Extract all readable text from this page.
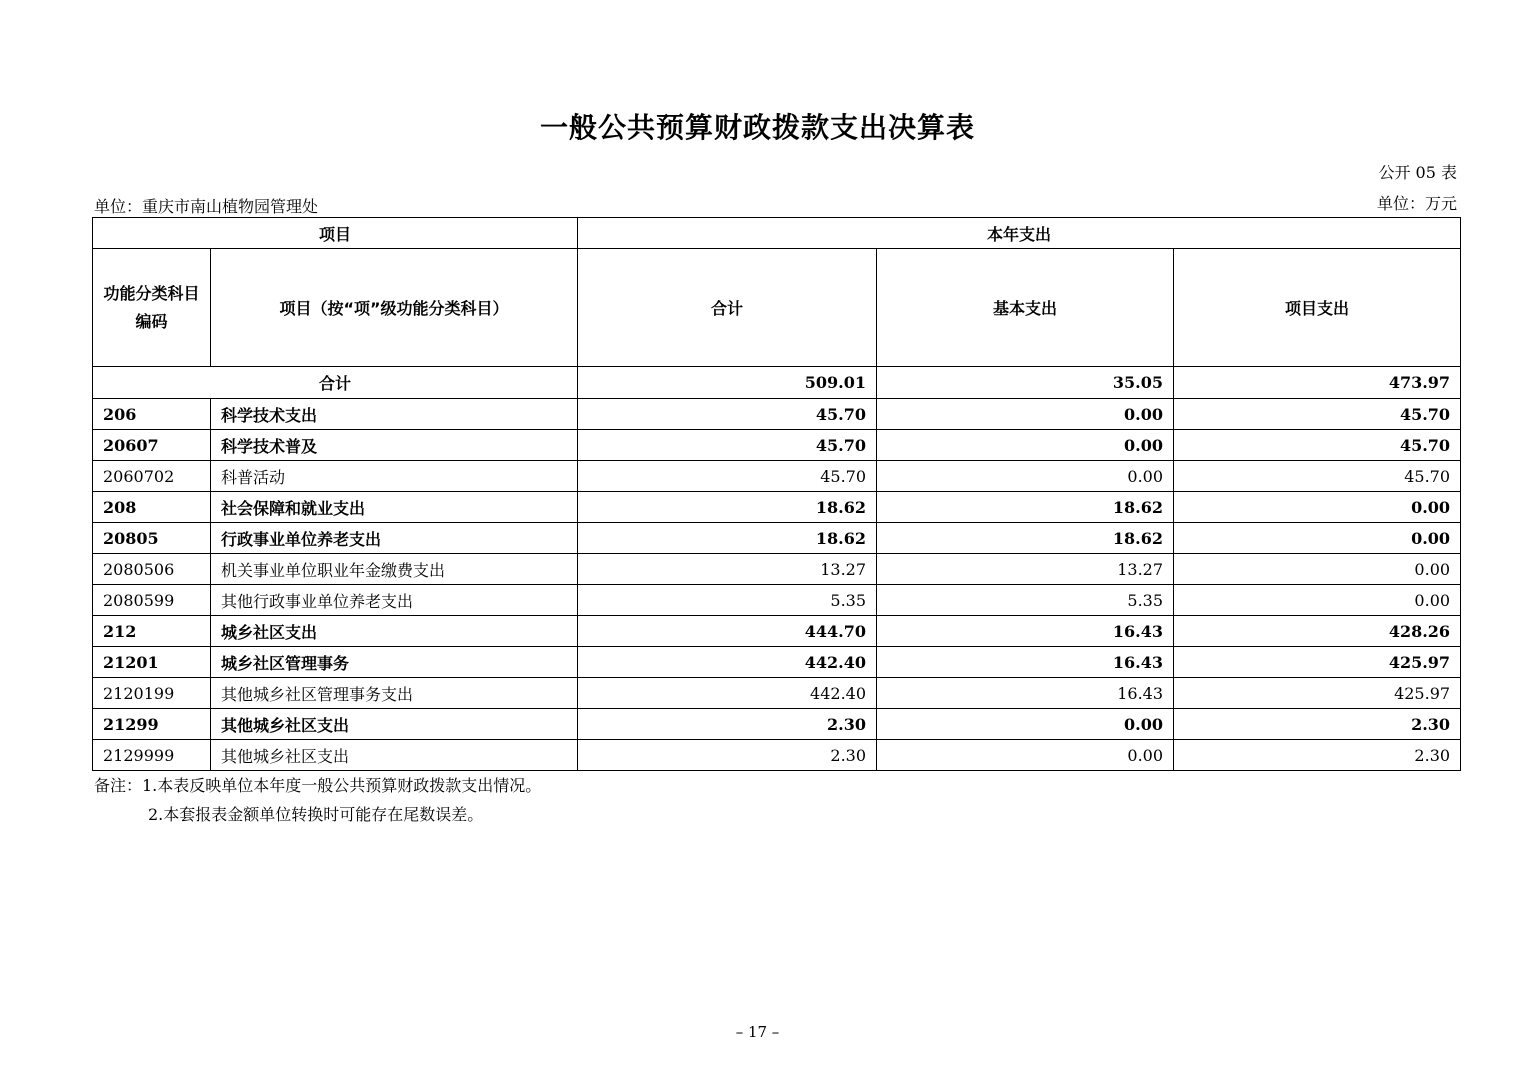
一般公共预算财政拨款支出决算表
公开 05 表
单位：重庆市南山植物园管理处	单位：万元
项目		本年支出		
功能分类科目
编码	项目（按“项”级功能分类科目）	合计	基本支出	项目支出
合计		509.01	35.05	473.97
206	科学技术支出	45.70	0.00	45.70
20607	科学技术普及	45.70	0.00	45.70
2060702	科普活动	45.70	0.00	45.70
208	社会保障和就业支出	18.62	18.62	0.00
20805	行政事业单位养老支出	18.62	18.62	0.00
2080506	机关事业单位职业年金缴费支出	13.27	13.27	0.00
2080599	其他行政事业单位养老支出	5.35	5.35	0.00
212	城乡社区支出	444.70	16.43	428.26
21201	城乡社区管理事务	442.40	16.43	425.97
2120199	其他城乡社区管理事务支出	442.40	16.43	425.97
21299	其他城乡社区支出	2.30	0.00	2.30
2129999	其他城乡社区支出	2.30	0.00	2.30
备注：1.本表反映单位本年度一般公共预算财政拨款支出情况。
2.本套报表金额单位转换时可能存在尾数误差。
– 17 –
